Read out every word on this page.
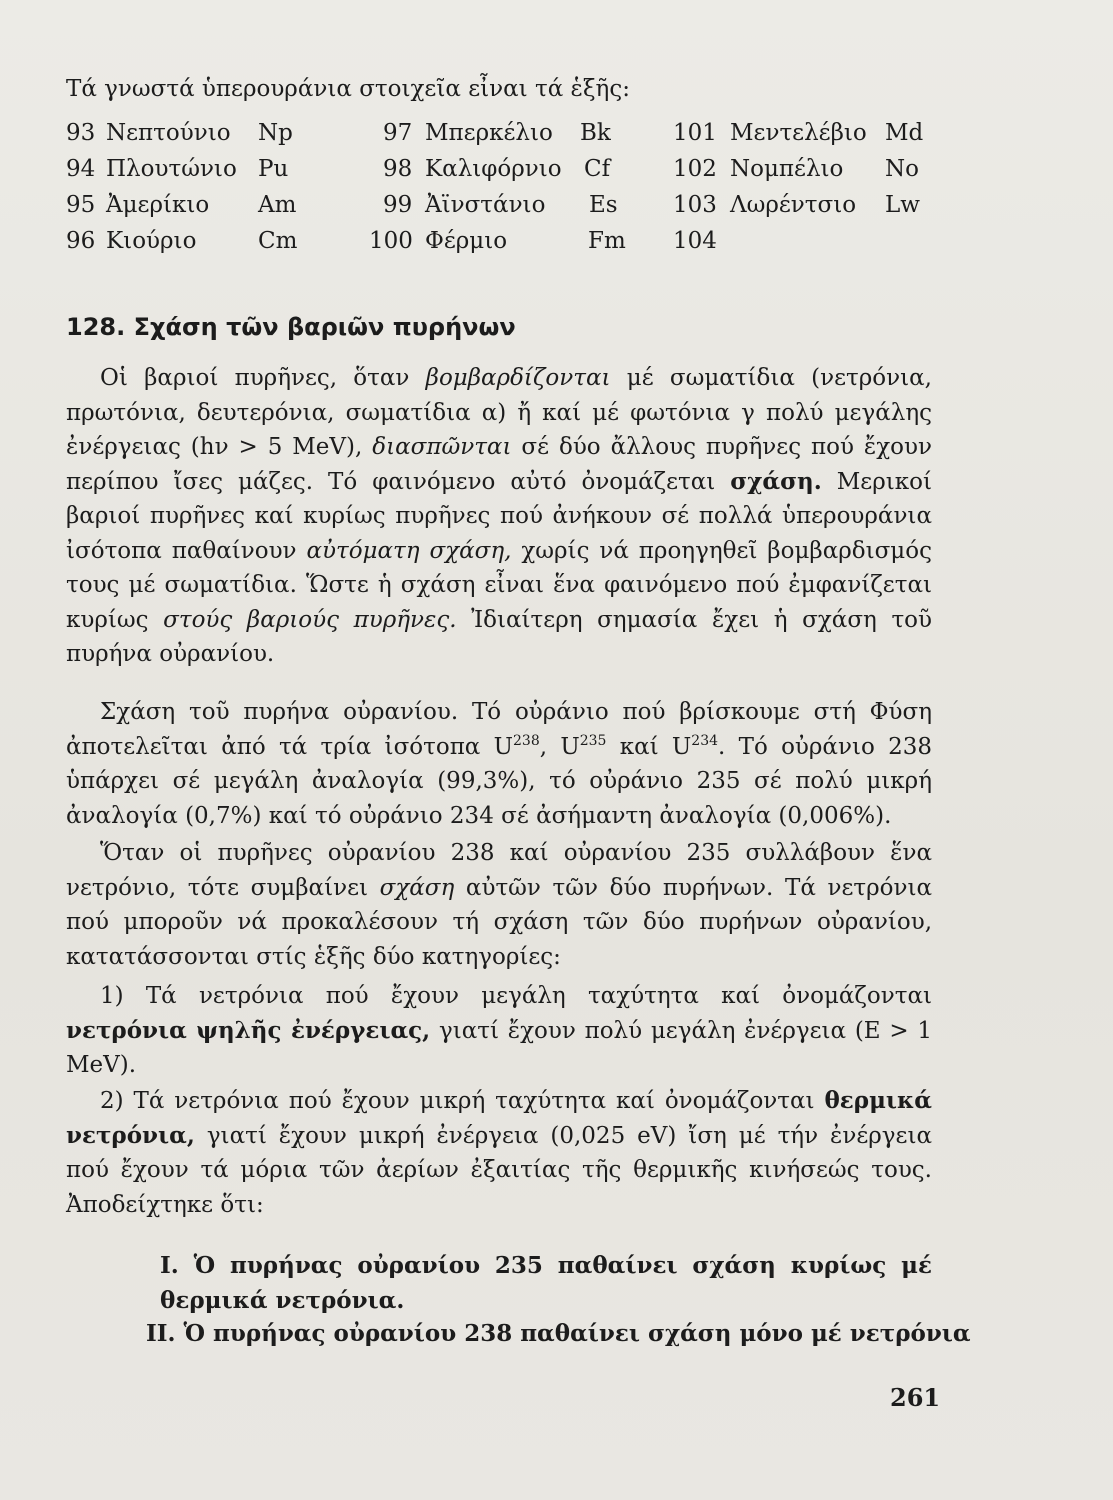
Τά γνωστά ὑπερουράνια στοιχεῖα εἶναι τά ἑξῆς:
93 Νεπτούνιο Np
94 Πλουτώνιο Pu
95 Ἀμερίκιο Am
96 Κιούριο	Cm
97 Μπερκέλιο Bk
98 Καλιφόρνιο Cf
99 Ἀϊνστάνιο Es
100 Φέρμιο	Fm
101 Μεντελέβιο Md
102 Νομπέλιο No
103 Λωρέντσιο Lw
104
128. Σχάση τῶν βαριῶν πυρήνων
Οἱ βαριοί πυρῆνες, ὅταν βομβαρδίζονται μέ σωματίδια (νετρόνια, πρωτόνια, δευτερόνια, σωματίδια α) ἤ καί μέ φωτόνια γ πολύ μεγάλης ἐνέργειας (hν > 5 MeV), διασπῶνται σέ δύο ἄλλους πυρῆνες πού ἔχουν περίπου ἴσες μάζες. Τό φαινόμενο αὐτό ὀνομάζεται σχάση. Μερικοί βαριοί πυρῆνες καί κυρίως πυρῆνες πού ἀνήκουν σέ πολλά ὑπερουράνια ἰσότοπα παθαίνουν αὐτόματη σχάση, χωρίς νά προηγηθεῖ βομβαρδισμός τους μέ σωματίδια. Ὥστε ἡ σχάση εἶναι ἕνα φαινόμενο πού ἐμφανίζεται κυρίως στούς βαριούς πυρῆνες. Ἰδιαίτερη σημασία ἔχει ἡ σχάση τοῦ πυρήνα οὐρανίου.
Σχάση τοῦ πυρήνα οὐρανίου. Τό οὐράνιο πού βρίσκουμε στή Φύση ἀποτελεῖται ἀπό τά τρία ἰσότοπα $U^{238}$, $U^{235}$ καί $U^{234}$. Τό οὐράνιο 238 ὑπάρχει σέ μεγάλη ἀναλογία (99,3%), τό οὐράνιο 235 σέ πολύ μικρή ἀναλογία (0,7%) καί τό οὐράνιο 234 σέ ἀσήμαντη ἀναλογία (0,006%).
Ὅταν οἱ πυρῆνες οὐρανίου 238 καί οὐρανίου 235 συλλάβουν ἕνα νετρόνιο, τότε συμβαίνει σχάση αὐτῶν τῶν δύο πυρήνων. Τά νετρόνια πού μποροῦν νά προκαλέσουν τή σχάση τῶν δύο πυρήνων οὐρανίου, κατατάσσονται στίς ἑξῆς δύο κατηγορίες:
1) Τά νετρόνια πού ἔχουν μεγάλη ταχύτητα καί ὀνομάζονται νετρόνια ψηλῆς ἐνέργειας, γιατί ἔχουν πολύ μεγάλη ἐνέργεια (E > 1 MeV).
2) Τά νετρόνια πού ἔχουν μικρή ταχύτητα καί ὀνομάζονται θερμικά νετρόνια, γιατί ἔχουν μικρή ἐνέργεια (0,025 eV) ἴση μέ τήν ἐνέργεια πού ἔχουν τά μόρια τῶν ἀερίων ἐξαιτίας τῆς θερμικῆς κινήσεώς τους. Ἀποδείχτηκε ὅτι:
I. Ὁ πυρήνας οὐρανίου 235 παθαίνει σχάση κυρίως μέ θερμικά νετρόνια.
II. Ὁ πυρήνας οὐρανίου 238 παθαίνει σχάση μόνο μέ νετρόνια
261
